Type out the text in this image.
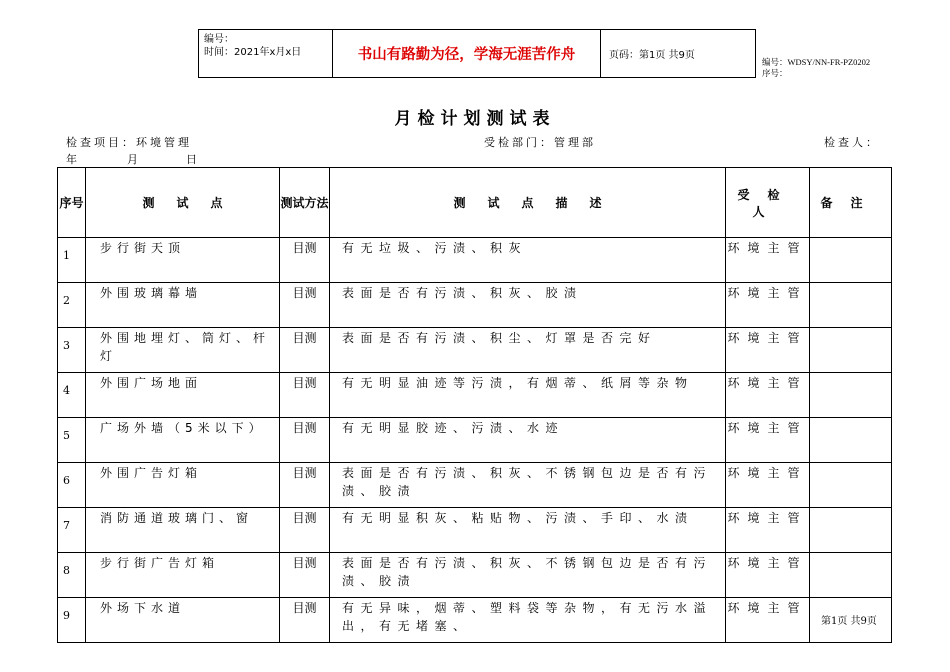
编号：
时间：2021年x月x日	书山有路勤为径，学海无涯苦作舟	页码：第1页 共9页
编号：WDSY/NN-FR-PZ0202
序号：
月检计划测试表
检查项目：环境管理	受检部门：管理部	检查人：
年	月	日
序号	测试点	测试方法	测试点描述	受检人	备注
1	步行街天顶	目测	有无垃圾、污渍、积灰	环境主管	
2	外围玻璃幕墙	目测	表面是否有污渍、积灰、胶渍	环境主管	
3	外围地埋灯、筒灯、杆灯	目测	表面是否有污渍、积尘、灯罩是否完好	环境主管	
4	外围广场地面	目测	有无明显油迹等污渍，有烟蒂、纸屑等杂物	环境主管	
5	广场外墙（5米以下）	目测	有无明显胶迹、污渍、水迹	环境主管	
6	外围广告灯箱	目测	表面是否有污渍、积灰、不锈钢包边是否有污渍、胶渍	环境主管	
7	消防通道玻璃门、窗	目测	有无明显积灰、粘贴物、污渍、手印、水渍	环境主管	
8	步行街广告灯箱	目测	表面是否有污渍、积灰、不锈钢包边是否有污渍、胶渍	环境主管	
9	外场下水道	目测	有无异味，烟蒂、塑料袋等杂物，有无污水溢出，有无堵塞、	环境主管	
第1页 共9页
